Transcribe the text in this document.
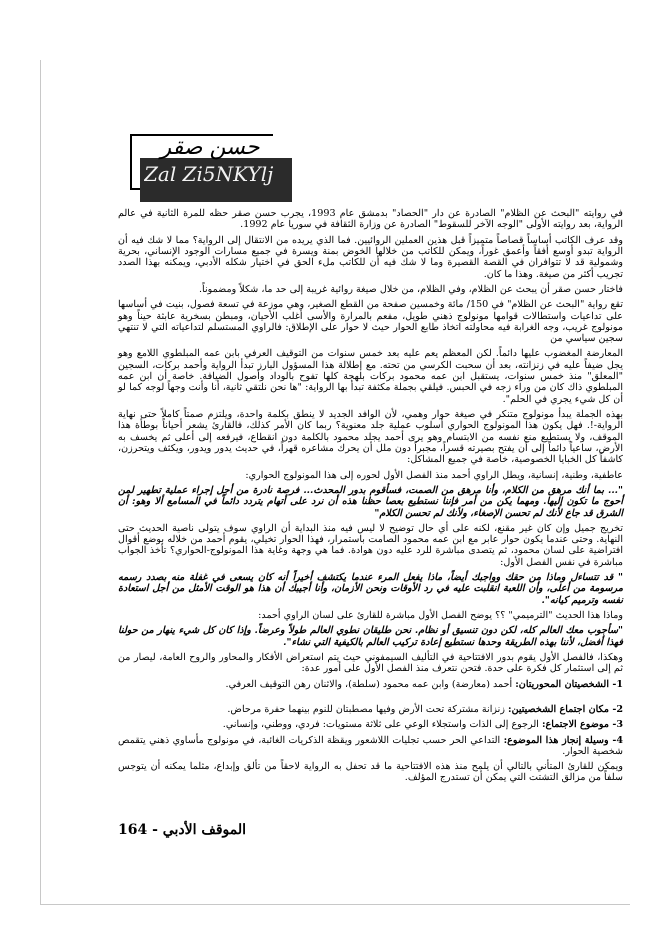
حسن صقر
Zal Zi5NKYlj

في روايته "البحث عن الظلام" الصادرة عن دار "الحصاد" بدمشق عام 1993، يجرب حسن صقر حظه للمرة الثانية في عالم الرواية، بعد روايته الأولى "الوجه الآخر للسقوط" الصادرة عن وزارة الثقافة في سوريا عام 1992.

وقد عرف الكاتب أساساً قصاصاً متميزاً قبل هذين العملين الروائيين. فما الذي يريده من الانتقال إلى الرواية؟ مما لا شك فيه أن الرواية تبدو أوسع أفقاً وأعمق غوراً، ويمكن للكاتب من خلالها الخوض بمنة ويسرة في جميع مسارات الوجود الإنساني، بحرية وشمولية قد لا تتوافران في القصة القصيرة وما لا شك فيه أن للكاتب ملء الحق في اختيار شكله الأدبي، ويمكنه بهذا الصدد تجريب أكثر من صيغة. وهذا ما كان.

فاختار حسن صقر أن يبحث عن الظلام، وفي الظلام، من خلال صيغة روائية غريبة إلى حد ما، شكلاً ومضموناً.

تقع رواية "البحث عن الظلام" في 150/ مائة وخمسين صفحة من القطع الصغير، وهي موزعة في تسعة فصول، بنيت في أساسها على تداعيات واستطالات قوامها مونولوج ذهني طويل، مفعم بالمرارة والأسى أغلب الأحيان، ومبطن بسخرية عابثة حيناً وهو مونولوج غريب، وجه الغرابة فيه محاولته اتخاذ طابع الحوار حيث لا حوار على الإطلاق: فالراوي المستسلم لتداعياته التي لا تنتهي سجين سياسي من

المعارضة المغضوب عليها دائماً. لكن المعظم يعم عليه بعد خمس سنوات من التوقيف العرفي بابن عمه المبلطوي اللامع وهو يجل ضيفاً عليه في زنزانته، بعد أن سحبت الكرسي من تحته. مع إطلالة هذا المسؤول البارز تبدأ الرواية وأحمد بركات، السجين "المعلق" منذ خمس سنوات، يستقبل ابن عمه محمود بركات بلهجة كلها تفوح بالوداد وأصول الضيافة. خاصة أن ابن عمه المبلطوي ذاك كان من وراء زجه في الحبس. فيلقي بجملة مكثفة تبدأ بها الرواية: "ها نحن نلتقي ثانية، أنا وأنت وجهاً لوجه كما لو أن كل شيء يجري في الحلم".

بهذه الجملة يبدأ مونولوج متنكر في صيغة حوار وهمي، لأن الوافد الجديد لا ينطق بكلمة واحدة، ويلتزم صمتاً كاملاً حتى نهاية الرواية-!. فهل يكون هذا المونولوج الحواري أسلوب عملية جلد معنوية؟ ربما كان الأمر كذلك، فالقارئ يشعر أحياناً بوطأة هذا الموقف، ولا يستطيع منع نفسه من الابتسام وهو يرى أحمد يجلد محمود بالكلمة دون انقطاع، فيرفعه إلى أعلى ثم يخسف به الأرض، ساعياً دائماً إلى أن يفتح بصيرته قسراً، مجبراً دون ملل أن يحرك مشاعره قهراً، في حديث يدور ويدور، ويكثف ويتحرزن، كاشفاً كل الخبايا الخصوصية، خاصة في جميع المشاكل:

عاطفية، وطنية، إنسانية، ويطل الراوي أحمد منذ الفصل الأول لحوره إلى هذا المونولوج الحواري:

"... بما أنك مرهق من الكلام، وأنا مرهق من الصمت، فسأقوم بدور المحدث... فرصة نادرة من أجل إجراء عملية تطهير لمن أحوج ما تكون إليها. ومهما يكن من أمر فإننا نستطيع بعصا حظنا هذه أن نرد على أتهام يتردد دائماً في المسامع ألا وهو: أن الشرق قد جاع لأنك لم تحسن الإصغاء، ولأنك لم تحسن الكلام"

تخريج جميل وإن كان غير مقنع، لكنه على أي حال توضيح لا ليس فيه منذ البداية أن الراوي سوف يتولى ناصية الحديث حتى النهاية. وحتى عندما يكون حوار عابر مع ابن عمه محمود الصامت باستمرار، فهذا الحوار تخيلي، يقوم أحمد من خلاله بوضع أقوال افتراضية على لسان محمود، ثم يتصدى مباشرة للرد عليه دون هوادة. فما هي وجهة وغاية هذا المونولوج-الحواري؟ تأخذ الجواب مباشرة في نفس الفصل الأول:

" قد تتساءل وماذا من حقك وواجبك أيضاً، ماذا يفعل المرء عندما يكتشف أخيراً أنه كان يسعى في غفلة منه بصدد رسمه مرسومة من أعلى، وأن اللعبة انقلبت عليه في رد الأوقات ونحن الأزمان، وأنا أجيبك أن هذا هو الوقت الأمثل من أجل استعادة نفسه وترميم كيانه".

وماذا هذا الحديث "الترميمي" ؟؟ يوضح الفصل الأول مباشرة للقارئ على لسان الراوي أحمد:

"سأجوب معك العالم كله، لكن دون تنسيق أو نظام. نحن طليقان نطوي العالم طولاً وعرضاً. وإذا كان كل شيء ينهار من حولنا فهذا أفضل، لأننا بهذه الطريقة وحدها نستطيع إعادة تركيب العالم بالكيفية التي نشاء".

وهكذا، فالفصل الأول يقوم بدور الافتتاحية في التأليف السيمفوني حيث يتم استعراض الأفكار والمحاور والروح العامة، ليصار من ثم إلى استثمار كل فكرة على حدة. فتحن نتعرف منذ الفصل الأول على أمور عدة:

1- الشخصيتان المحوريتان: أحمد (معارضة) وابن عمه محمود (سلطة)، والاثنان رهن التوقيف العرفي.

2- مكان اجتماع الشخصيتين: زنزانة مشتركة تحت الأرض وفيها مصطبتان للنوم بينهما حفرة مرحاض.

3- موضوع الاجتماع: الرجوع إلى الذات واستجلاء الوعي على ثلاثة مستويات: فردي، ووطني، وإنساني.

4- وسيلة إنجاز هذا الموضوع: التداعي الحر حسب تجليات اللاشعور ويقظة الذكريات الغائبة، في مونولوج مأساوي ذهني يتقمص شخصية الحوار.

ويمكن للقارئ المتأني بالتالي أن يلمح منذ هذه الافتتاحية ما قد تحفل به الرواية لاحقاً من تألق وإبداع، مثلما يمكنه أن يتوجس سلفاً من مزالق التشتت التي يمكن أن تستدرج المؤلف.

الموقف الأدبي - 164
